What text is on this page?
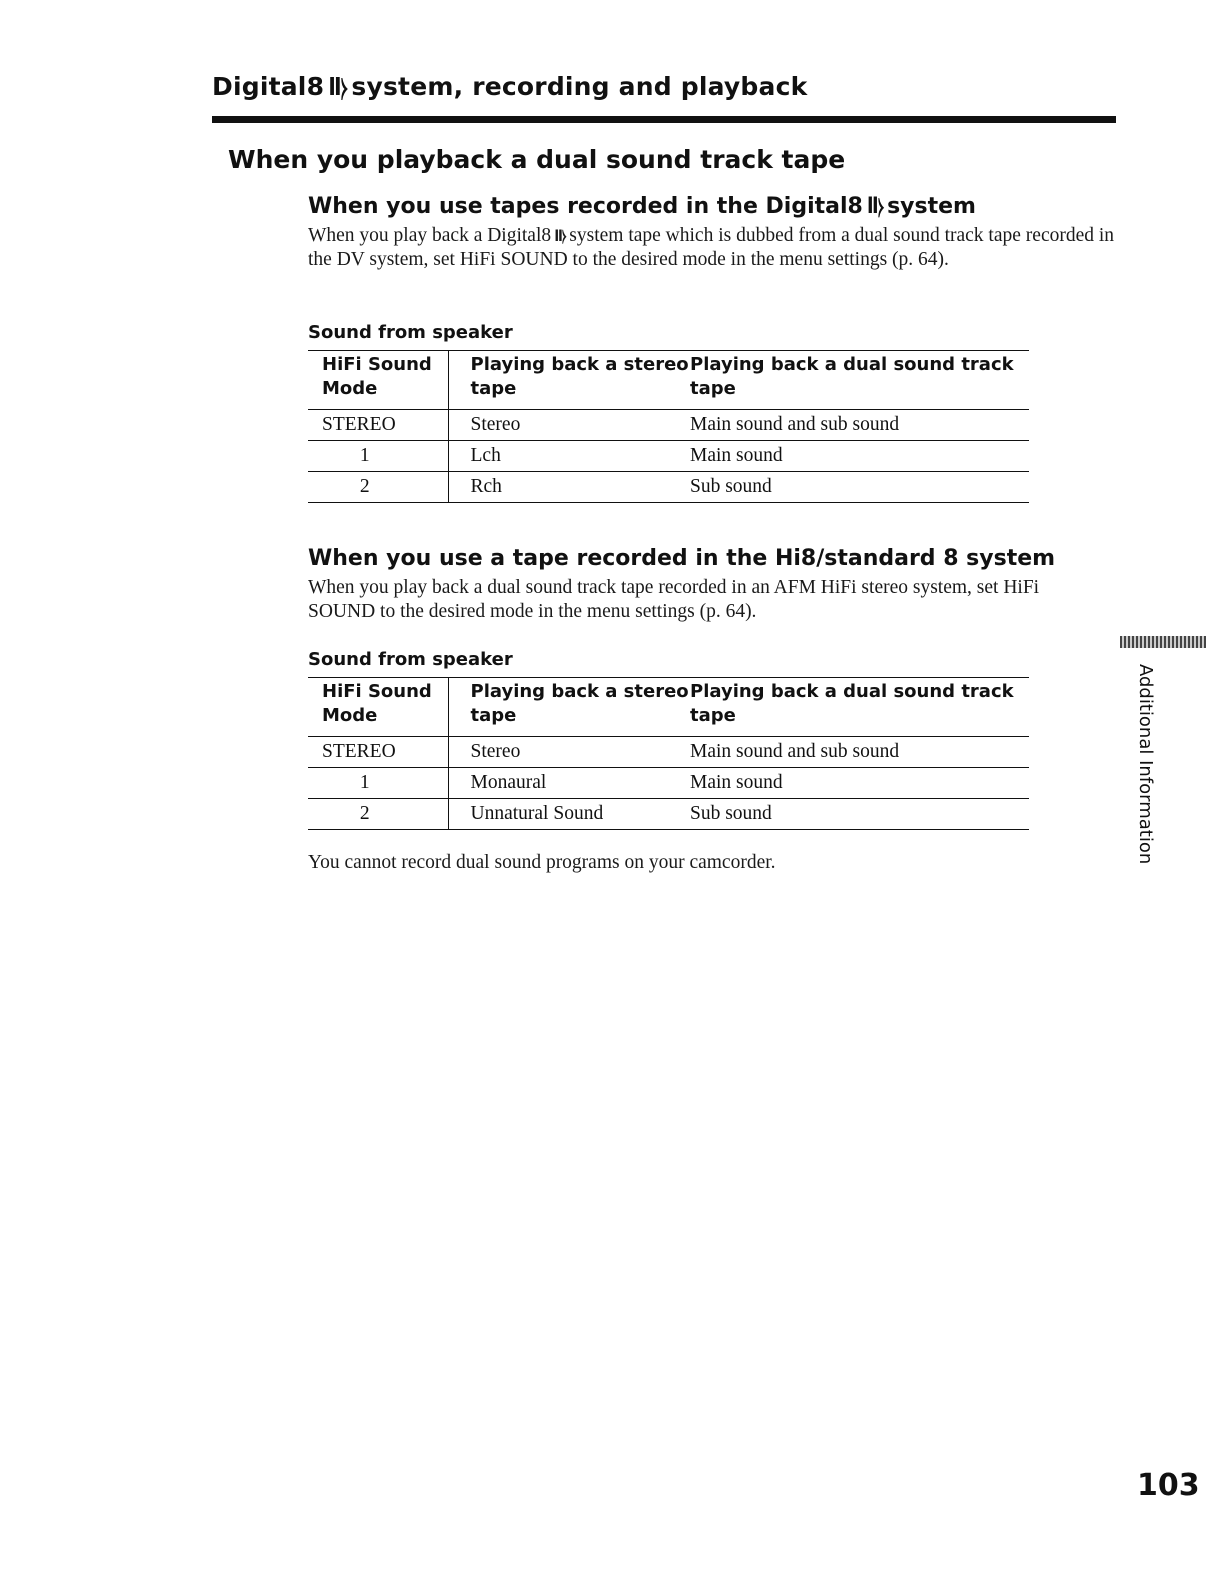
Digital8 Ⅱ⧽ system, recording and playback
When you playback a dual sound track tape
When you use tapes recorded in the Digital8 Ⅱ⧽ system
When you play back a Digital8 Ⅱ⧽ system tape which is dubbed from a dual sound track tape recorded in the DV system, set HiFi SOUND to the desired mode in the menu settings (p. 64).
Sound from speaker
HiFi Sound Mode	Playing back a stereo tape	Playing back a dual sound track tape
STEREO	Stereo	Main sound and sub sound
1	Lch	Main sound
2	Rch	Sub sound
When you use a tape recorded in the Hi8/standard 8 system
When you play back a dual sound track tape recorded in an AFM HiFi stereo system, set HiFi SOUND to the desired mode in the menu settings (p. 64).
Sound from speaker
HiFi Sound Mode	Playing back a stereo tape	Playing back a dual sound track tape
STEREO	Stereo	Main sound and sub sound
1	Monaural	Main sound
2	Unnatural Sound	Sub sound
You cannot record dual sound programs on your camcorder.	Additional Information
103
